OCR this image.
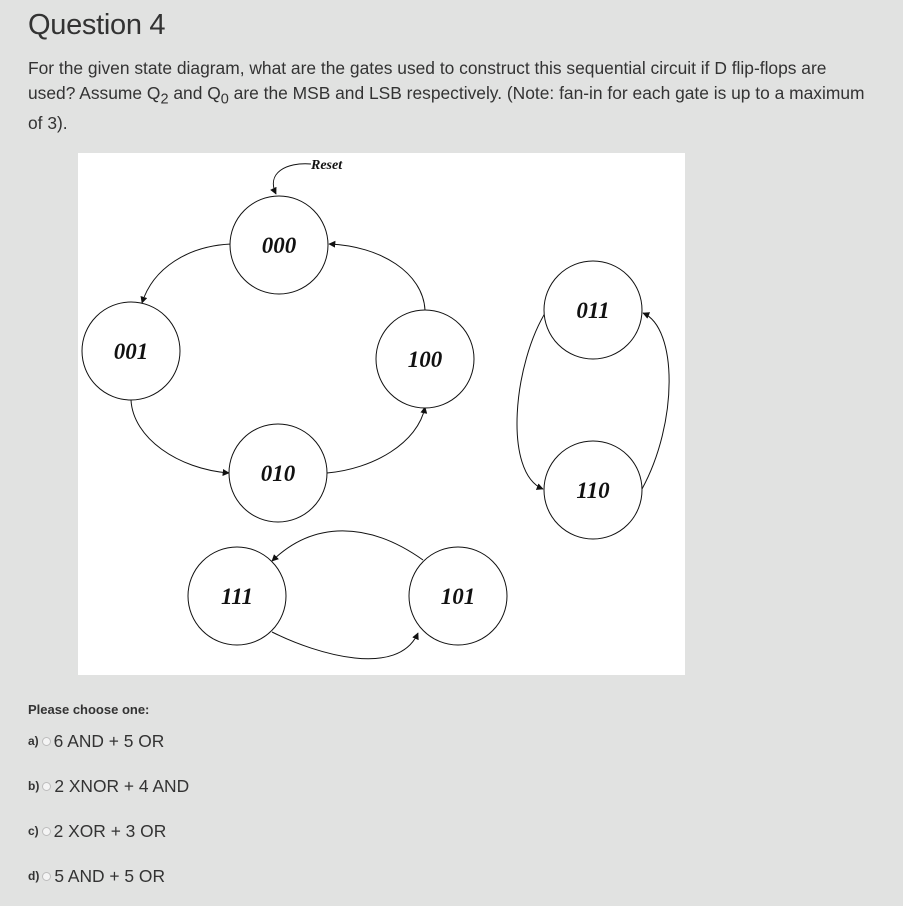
Question 4

For the given state diagram, what are the gates used to construct this sequential circuit if D flip-flops are used? Assume $Q_2$ and $Q_0$ are the MSB and LSB respectively. (Note: fan-in for each gate is up to a maximum of 3).

Reset
000
001	100
010
011
110
111	101
Please choose one:
a) 6 AND + 5 OR
b) 2 XNOR + 4 AND
c) 2 XOR + 3 OR
d) 5 AND + 5 OR
